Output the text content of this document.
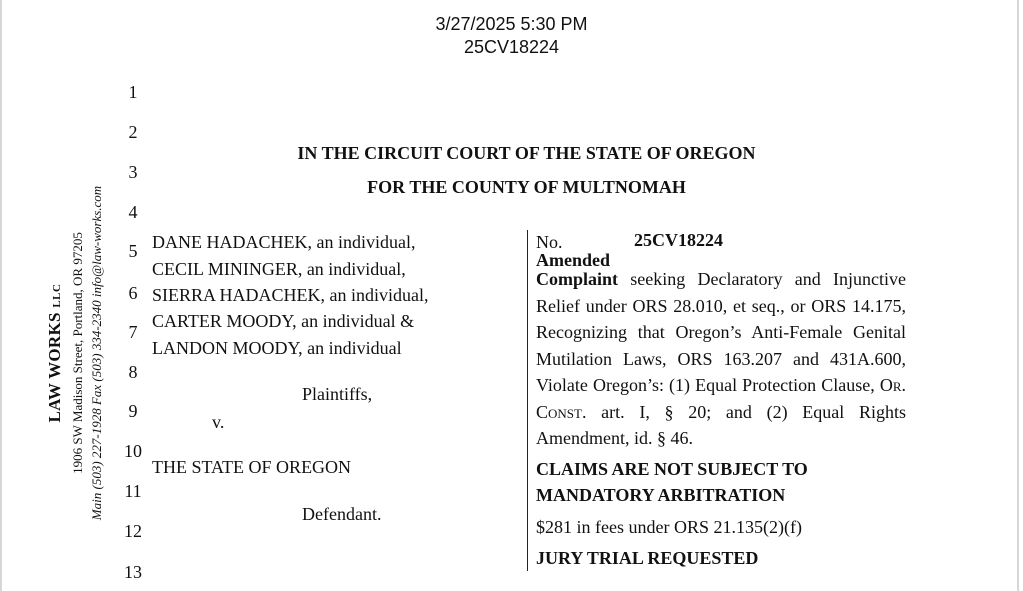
3/27/2025 5:30 PM
25CV18224
1
2
3
4
5
6
7
8
9
10
11
12
13
LAW WORKS LLC 1906 SW Madison Street, Portland, OR 97205 Main (503) 227-1928 Fax (503) 334-2340 info@law-works.com
IN THE CIRCUIT COURT OF THE STATE OF OREGON
FOR THE COUNTY OF MULTNOMAH
DANE HADACHEK, an individual,
CECIL MININGER, an individual,
SIERRA HADACHEK, an individual,
CARTER MOODY, an individual &
LANDON MOODY, an individual
Plaintiffs,
v.
THE STATE OF OREGON
Defendant.
No.	25CV18224
Amended
Complaint seeking Declaratory and Injunctive Relief under ORS 28.010, et seq., or ORS 14.175, Recognizing that Oregon’s Anti-Female Genital Mutilation Laws, ORS 163.207 and 431A.600, Violate Oregon’s: (1) Equal Protection Clause, Or. Const. art. I, § 20; and (2) Equal Rights Amendment, id. § 46.
CLAIMS ARE NOT SUBJECT TO
MANDATORY ARBITRATION
$281 in fees under ORS 21.135(2)(f)
JURY TRIAL REQUESTED
